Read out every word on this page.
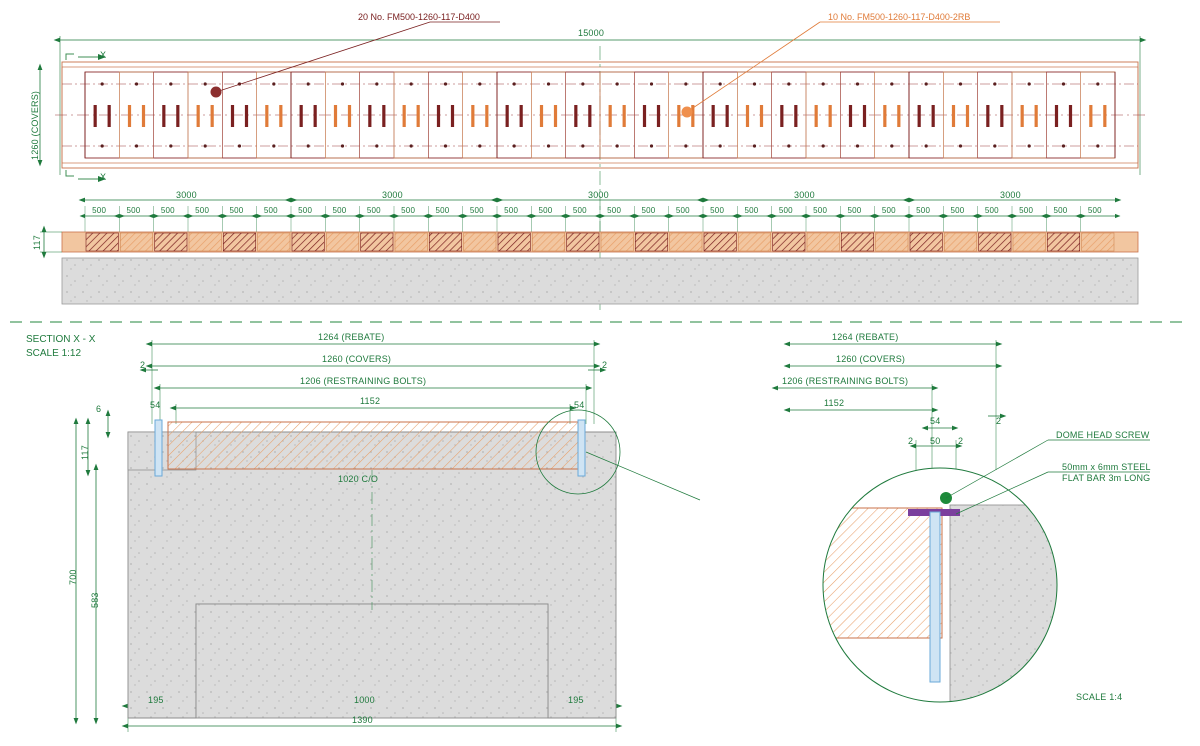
15000
20 No. FM500-1260-117-D400	10 No. FM500-1260-117-D400-2RB
1260 (COVERS)
X
X
3000	3000	3000	3000	3000
500	500	500	500	500	500	500	500	500	500	500	500	500	500	500	500	500	500	500	500	500	500	500	500	500	500	500	500	500	500
117
SECTION X - X
SCALE 1:12
1264 (REBATE)
1260 (COVERS)
1206 (RESTRAINING BOLTS)
1152
2	2
54	54
6
117
700
583
1020 C/O
195	1000	195
1390
1264 (REBATE)
1260 (COVERS)
1206 (RESTRAINING BOLTS)
1152
54	2
2 50 2
DOME HEAD SCREW
50mm x 6mm STEEL
FLAT BAR 3m LONG
SCALE 1:4
